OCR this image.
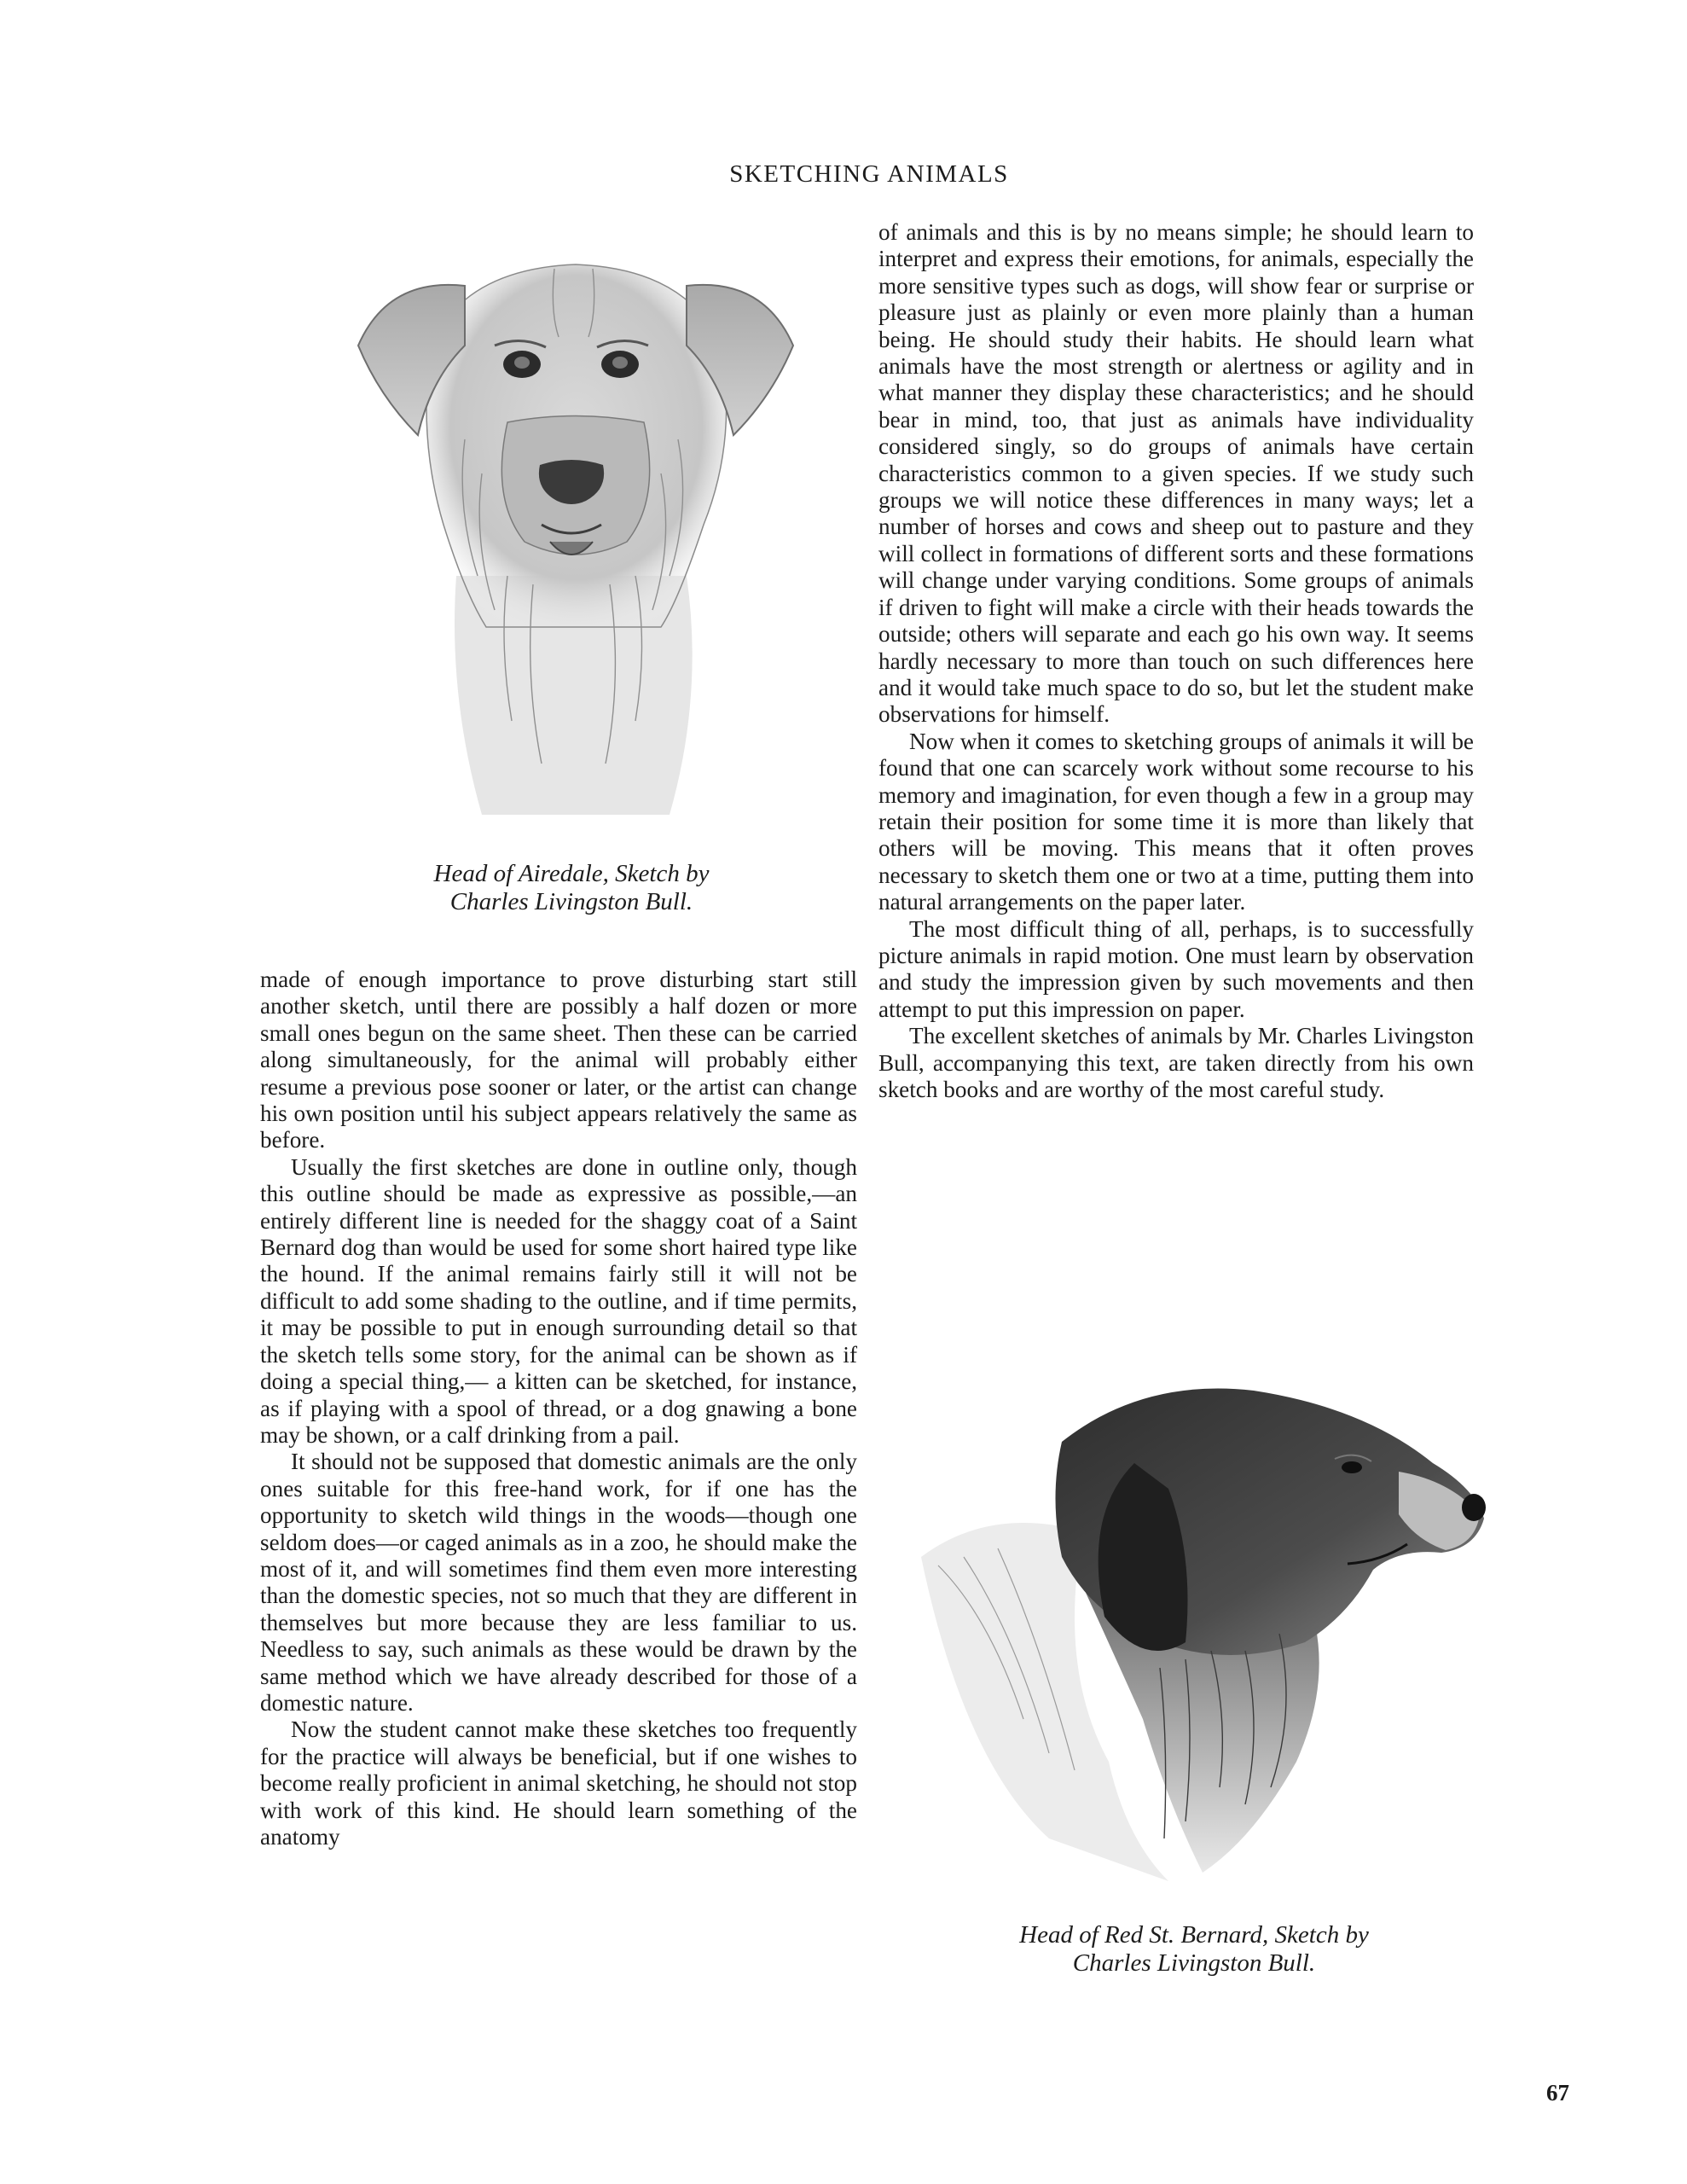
SKETCHING ANIMALS
Head of Airedale, Sketch by
Charles Livingston Bull.

made of enough importance to prove disturbing start still another sketch, until there are possibly a half dozen or more small ones begun on the same sheet. Then these can be carried along simultaneously, for the animal will probably either resume a previous pose sooner or later, or the artist can change his own position until his subject appears relatively the same as before.

Usually the first sketches are done in outline only, though this outline should be made as expressive as possible,—an entirely different line is needed for the shaggy coat of a Saint Bernard dog than would be used for some short haired type like the hound. If the animal remains fairly still it will not be difficult to add some shading to the outline, and if time permits, it may be possible to put in enough surrounding detail so that the sketch tells some story, for the animal can be shown as if doing a special thing,— a kitten can be sketched, for instance, as if playing with a spool of thread, or a dog gnawing a bone may be shown, or a calf drinking from a pail.

It should not be supposed that domestic animals are the only ones suitable for this free-hand work, for if one has the opportunity to sketch wild things in the woods—though one seldom does—or caged animals as in a zoo, he should make the most of it, and will sometimes find them even more interesting than the domestic species, not so much that they are different in themselves but more because they are less familiar to us. Needless to say, such animals as these would be drawn by the same method which we have already described for those of a domestic nature.

Now the student cannot make these sketches too frequently for the practice will always be beneficial, but if one wishes to become really proficient in animal sketching, he should not stop with work of this kind. He should learn something of the anatomy

of animals and this is by no means simple; he should learn to interpret and express their emotions, for animals, especially the more sensitive types such as dogs, will show fear or surprise or pleasure just as plainly or even more plainly than a human being. He should study their habits. He should learn what animals have the most strength or alertness or agility and in what manner they display these characteristics; and he should bear in mind, too, that just as animals have individuality considered singly, so do groups of animals have certain characteristics common to a given species. If we study such groups we will notice these differences in many ways; let a number of horses and cows and sheep out to pasture and they will collect in formations of different sorts and these formations will change under varying conditions. Some groups of animals if driven to fight will make a circle with their heads towards the outside; others will separate and each go his own way. It seems hardly necessary to more than touch on such differences here and it would take much space to do so, but let the student make observations for himself.

Now when it comes to sketching groups of animals it will be found that one can scarcely work without some recourse to his memory and imagination, for even though a few in a group may retain their position for some time it is more than likely that others will be moving. This means that it often proves necessary to sketch them one or two at a time, putting them into natural arrangements on the paper later.

The most difficult thing of all, perhaps, is to successfully picture animals in rapid motion. One must learn by observation and study the impression given by such movements and then attempt to put this impression on paper.

The excellent sketches of animals by Mr. Charles Livingston Bull, accompanying this text, are taken directly from his own sketch books and are worthy of the most careful study.

Head of Red St. Bernard, Sketch by
Charles Livingston Bull.
67
